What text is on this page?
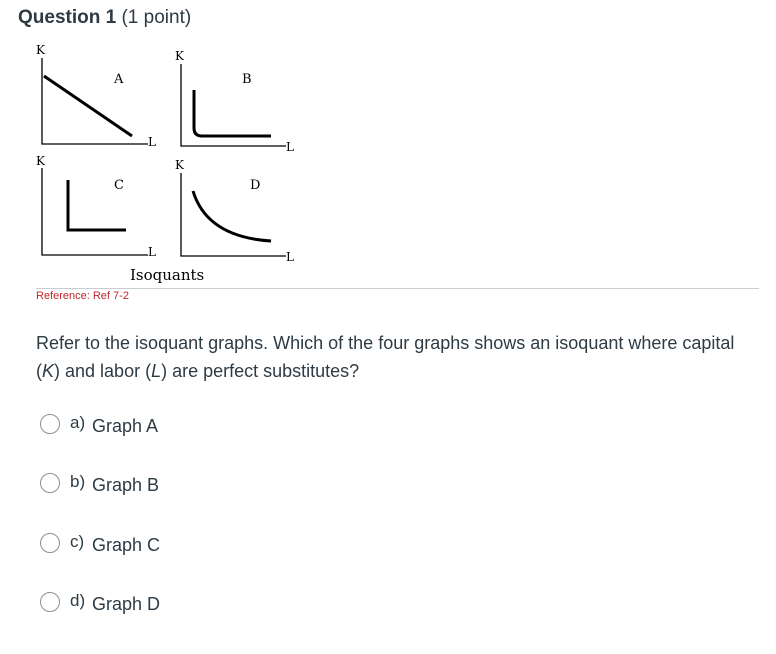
Question 1 (1 point)
K
A
L
K
B
L
K
C
L
K
D
L
Isoquants
Reference: Ref 7-2
Refer to the isoquant graphs. Which of the four graphs shows an isoquant where capital (K) and labor (L) are perfect substitutes?
a) Graph A
b) Graph B
c) Graph C
d) Graph D
